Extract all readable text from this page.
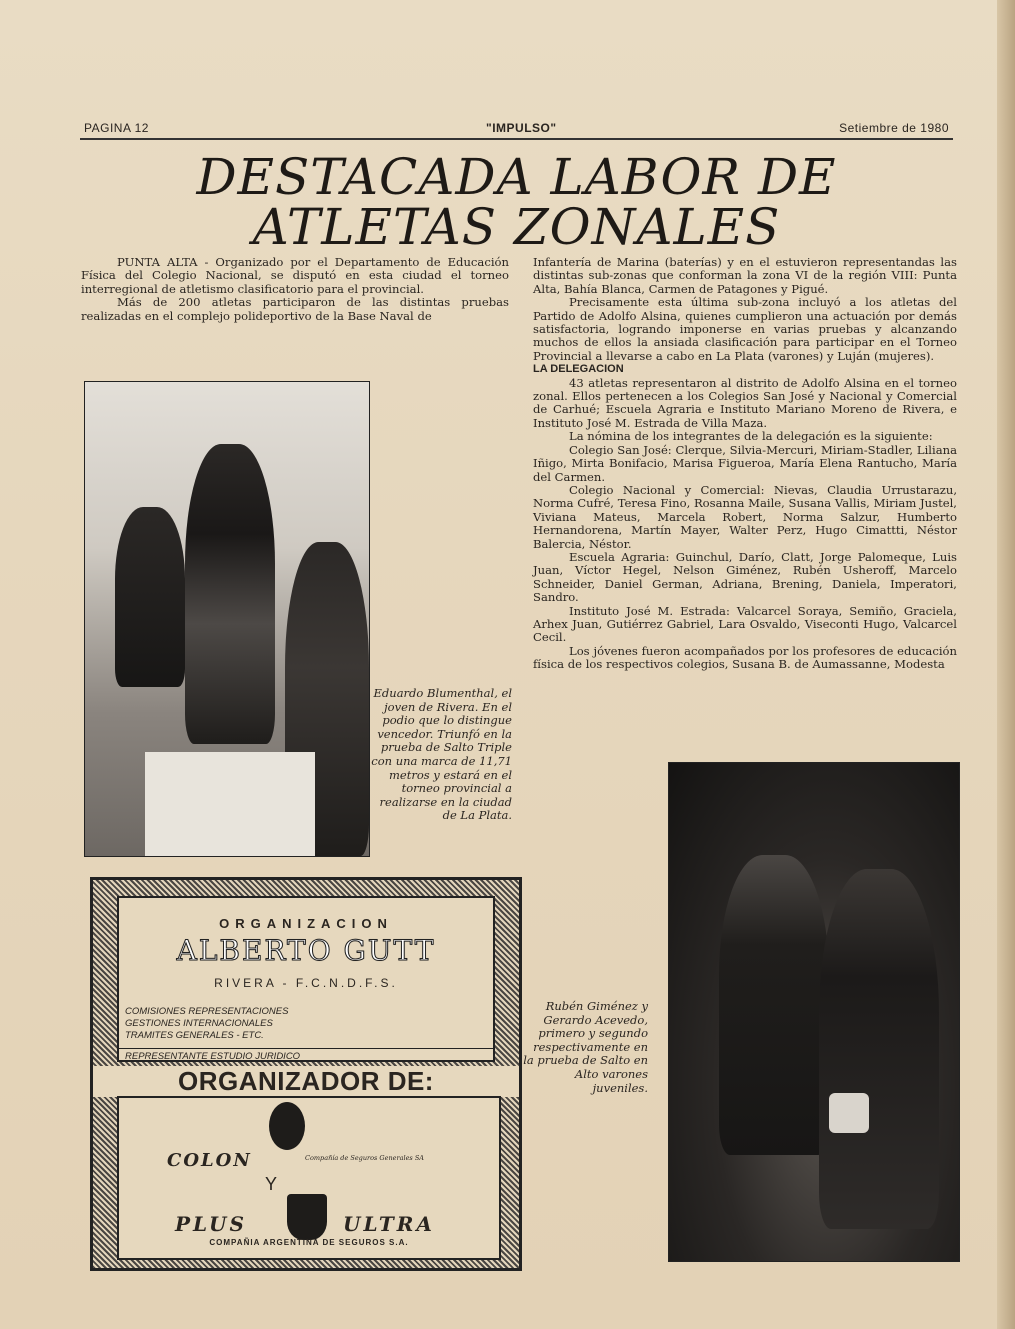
PAGINA 12	"IMPULSO"	Setiembre de 1980
DESTACADA LABOR DE
ATLETAS ZONALES

PUNTA ALTA - Organizado por el Departamento de Educación Física del Colegio Nacional, se disputó en esta ciudad el torneo interregional de atletismo clasificatorio para el provincial.

Más de 200 atletas participaron de las distintas pruebas realizadas en el complejo polideportivo de la Base Naval de

Infantería de Marina (baterías) y en el estuvieron representandas las distintas sub-zonas que conforman la zona VI de la región VIII: Punta Alta, Bahía Blanca, Carmen de Patagones y Pigué.

Precisamente esta última sub-zona incluyó a los atletas del Partido de Adolfo Alsina, quienes cumplieron una actuación por demás satisfactoria, logrando imponerse en varias pruebas y alcanzando muchos de ellos la ansiada clasificación para participar en el Torneo Provincial a llevarse a cabo en La Plata (varones) y Luján (mujeres).

LA DELEGACION

43 atletas representaron al distrito de Adolfo Alsina en el torneo zonal. Ellos pertenecen a los Colegios San José y Nacional y Comercial de Carhué; Escuela Agraria e Instituto Mariano Moreno de Rivera, e Instituto José M. Estrada de Villa Maza.

La nómina de los integrantes de la delegación es la siguiente:

Colegio San José: Clerque, Silvia-Mercuri, Miriam-Stadler, Liliana Iñigo, Mirta Bonifacio, Marisa Figueroa, María Elena Rantucho, María del Carmen.

Colegio Nacional y Comercial: Nievas, Claudia Urrustarazu, Norma Cufré, Teresa Fino, Rosanna Maile, Susana Vallis, Miriam Justel, Viviana Mateus, Marcela Robert, Norma Salzur, Humberto Hernandorena, Martín Mayer, Walter Perz, Hugo Cimattti, Néstor Balercia, Néstor.

Escuela Agraria: Guinchul, Darío, Clatt, Jorge Palomeque, Luis Juan, Víctor Hegel, Nelson Giménez, Rubén Usheroff, Marcelo Schneider, Daniel German, Adriana, Brening, Daniela, Imperatori, Sandro.

Instituto José M. Estrada: Valcarcel Soraya, Semiño, Graciela, Arhex Juan, Gutiérrez Gabriel, Lara Osvaldo, Viseconti Hugo, Valcarcel Cecil.

Los jóvenes fueron acompañados por los profesores de educación física de los respectivos colegios, Susana B. de Aumassanne, Modesta

Eduardo Blumenthal, el joven de Rivera. En el podio que lo distingue vencedor. Triunfó en la prueba de Salto Triple con una marca de 11,71 metros y estará en el torneo provincial a realizarse en la ciudad de La Plata.
Rubén Giménez y Gerardo Acevedo, primero y segundo respectivamente en la prueba de Salto en Alto varones juveniles.
ORGANIZACION
ALBERTO GUTT
RIVERA - F.C.N.D.F.S.
COMISIONES REPRESENTACIONES
GESTIONES INTERNACIONALES
TRAMITES GENERALES - ETC.
REPRESENTANTE ESTUDIO JURIDICO
ORGANIZADOR DE:
COLON	Compañía de Seguros Generales SA
Y
PLUS	ULTRA
COMPAÑIA ARGENTINA DE SEGUROS S.A.
